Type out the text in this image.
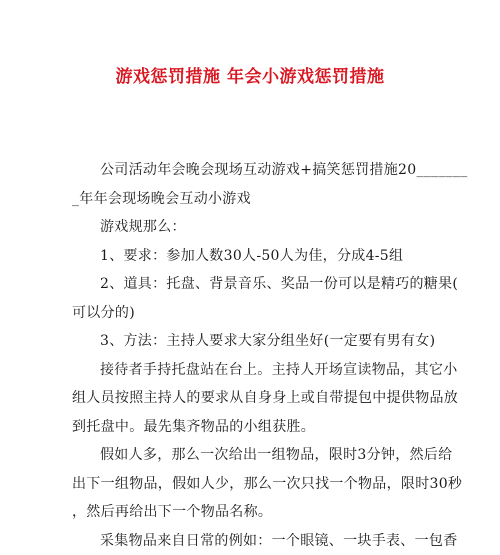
游戏惩罚措施 年会小游戏惩罚措施
公司活动年会晚会现场互动游戏+搞笑惩罚措施20_______
_年年会现场晚会互动小游戏
游戏规那么：
1、要求：参加人数30人-50人为佳，分成4-5组
2、道具：托盘、背景音乐、奖品一份可以是精巧的糖果(
可以分的)
3、方法：主持人要求大家分组坐好(一定要有男有女)
接待者手持托盘站在台上。主持人开场宣读物品，其它小
组人员按照主持人的要求从自身身上或自带提包中提供物品放
到托盘中。最先集齐物品的小组获胜。
假如人多，那么一次给出一组物品，限时3分钟，然后给
出下一组物品，假如人少，那么一次只找一个物品，限时30秒
，然后再给出下一个物品名称。
采集物品来自日常的例如：一个眼镜、一块手表、一包香
